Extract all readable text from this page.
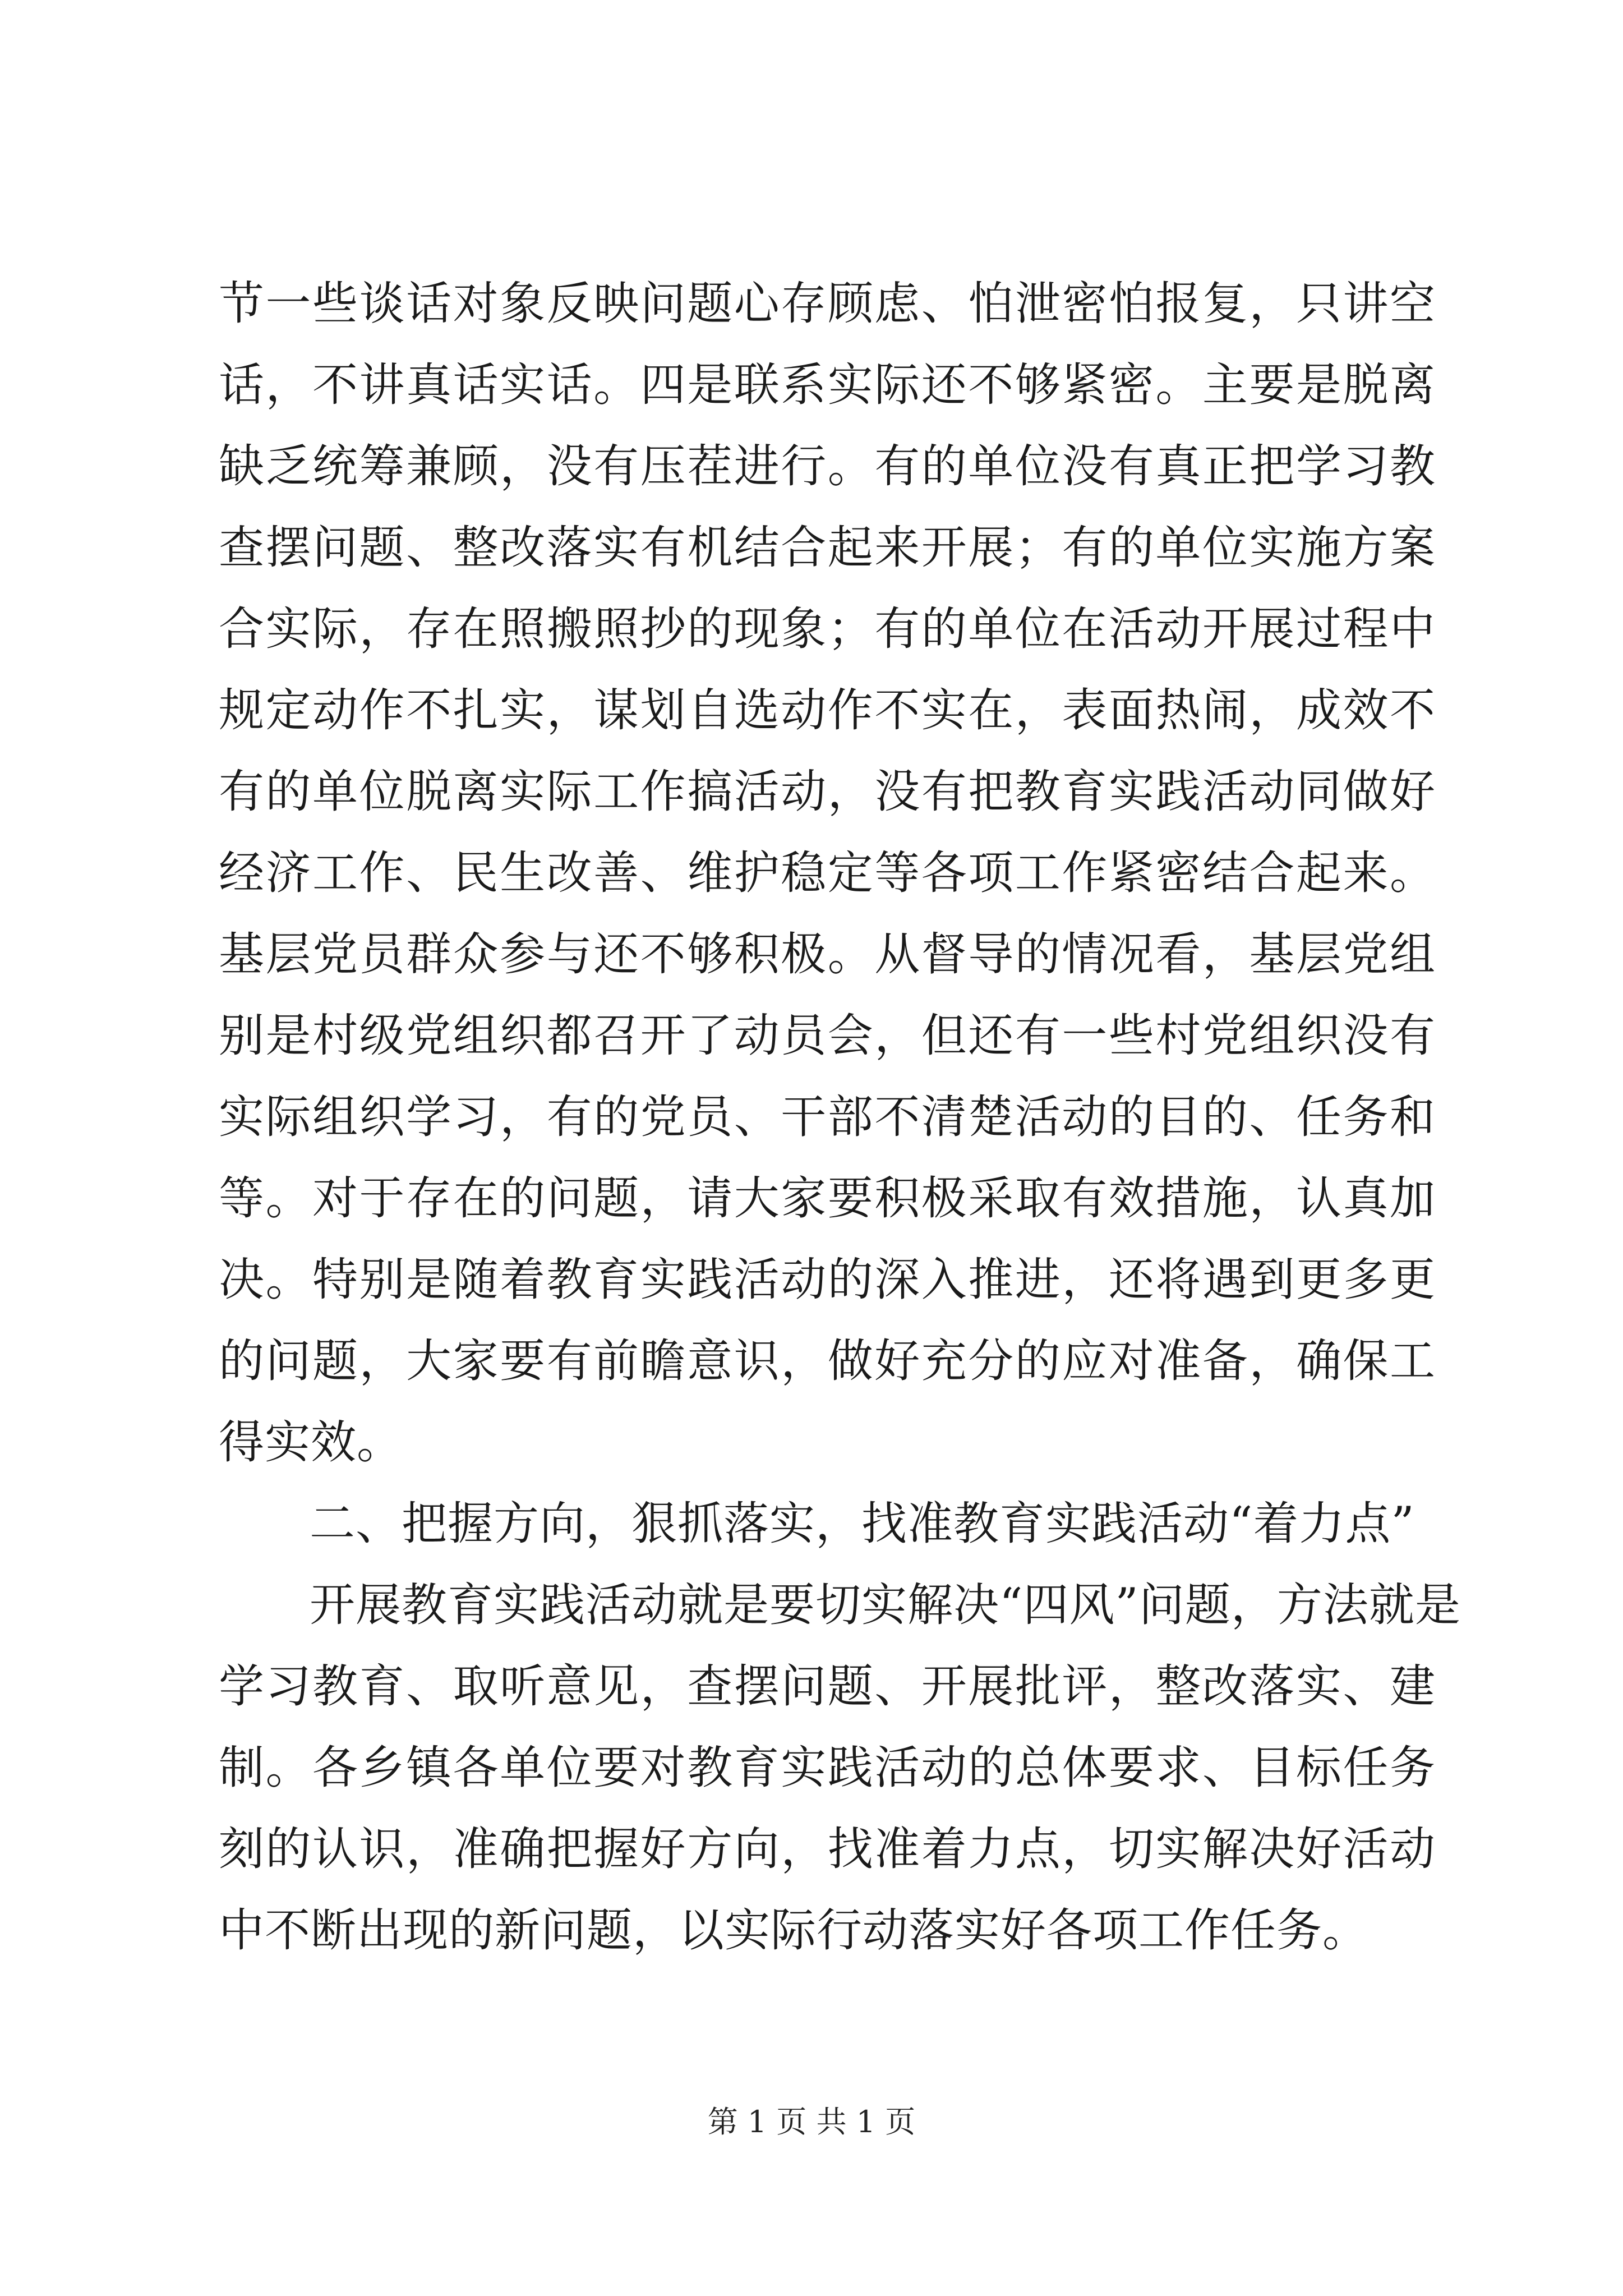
节一些谈话对象反映问题心存顾虑、怕泄密怕报复，只讲空
话，不讲真话实话。四是联系实际还不够紧密。主要是脱离
缺乏统筹兼顾，没有压茬进行。有的单位没有真正把学习教
查摆问题、整改落实有机结合起来开展；有的单位实施方案
合实际，存在照搬照抄的现象；有的单位在活动开展过程中
规定动作不扎实，谋划自选动作不实在，表面热闹，成效不
有的单位脱离实际工作搞活动，没有把教育实践活动同做好
经济工作、民生改善、维护稳定等各项工作紧密结合起来。
基层党员群众参与还不够积极。从督导的情况看，基层党组
别是村级党组织都召开了动员会，但还有一些村党组织没有
实际组织学习，有的党员、干部不清楚活动的目的、任务和
等。对于存在的问题，请大家要积极采取有效措施，认真加
决。特别是随着教育实践活动的深入推进，还将遇到更多更
的问题，大家要有前瞻意识，做好充分的应对准备，确保工
得实效。
二、把握方向，狠抓落实，找准教育实践活动“着力点”
开展教育实践活动就是要切实解决“四风”问题，方法就是
学习教育、取听意见，查摆问题、开展批评，整改落实、建
制。各乡镇各单位要对教育实践活动的总体要求、目标任务
刻的认识，准确把握好方向，找准着力点，切实解决好活动
中不断出现的新问题，以实际行动落实好各项工作任务。
第 1 页 共 1 页
